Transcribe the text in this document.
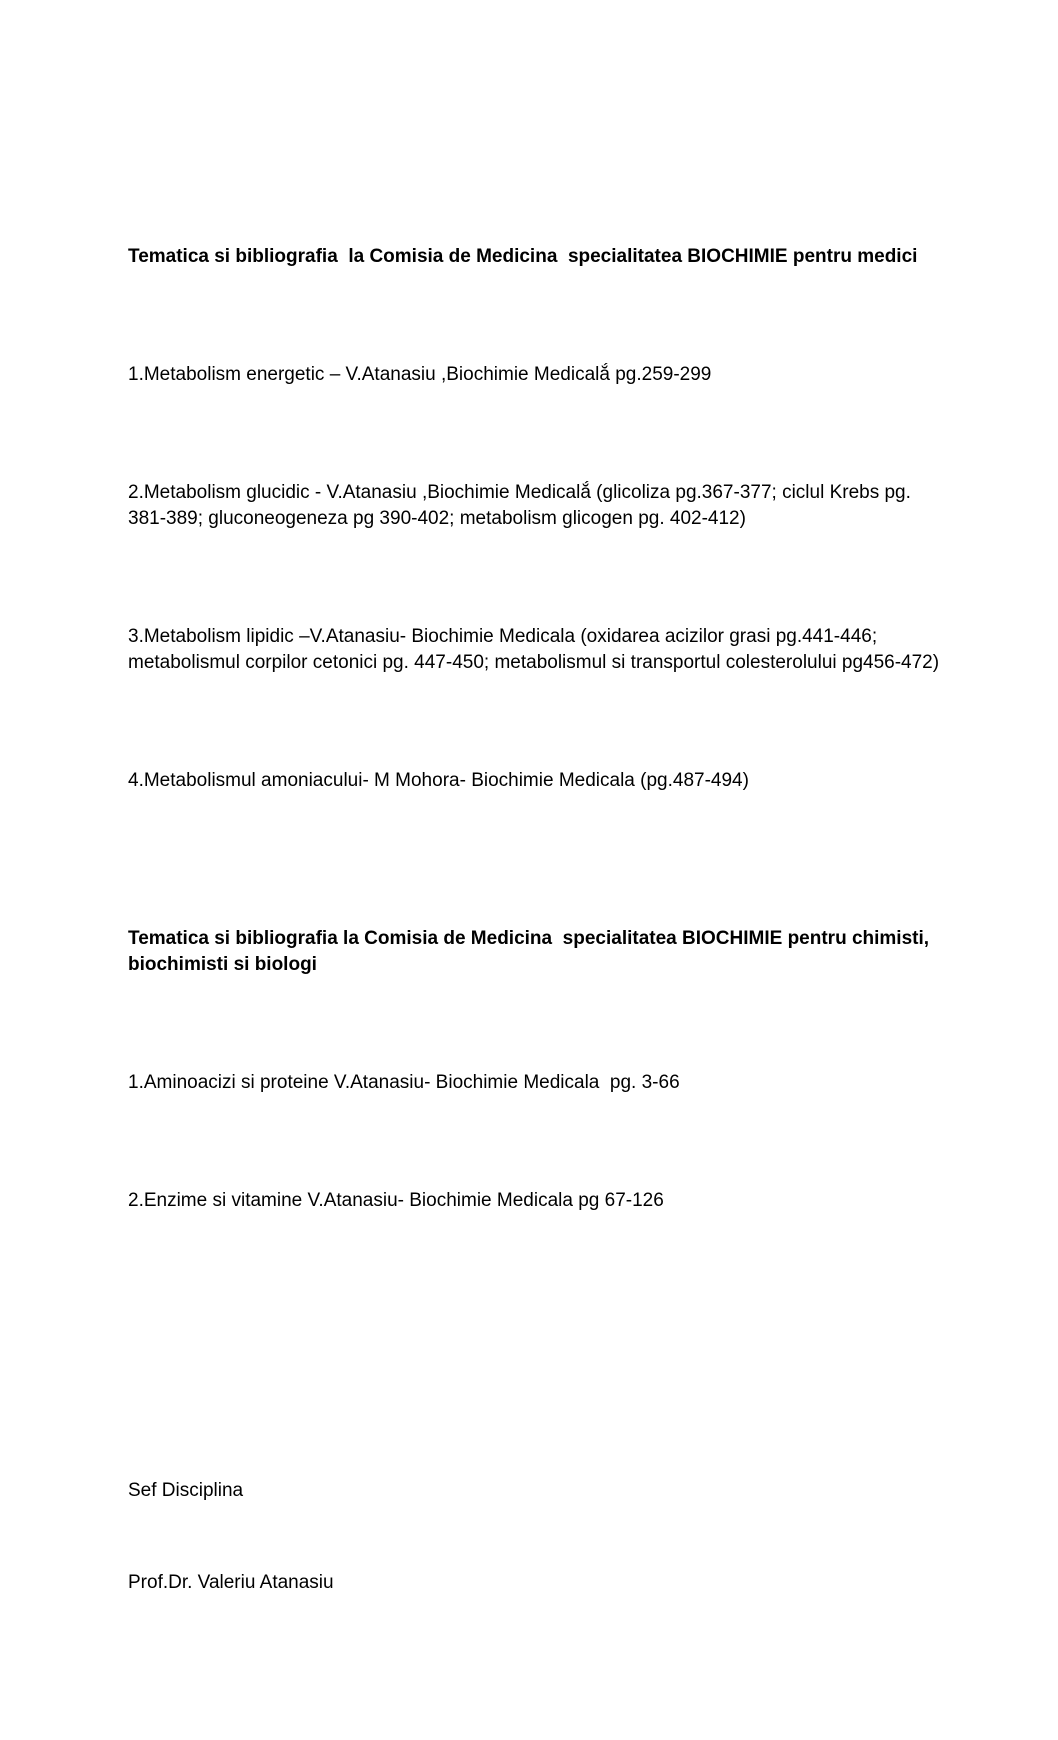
Tematica si bibliografia  la Comisia de Medicina  specialitatea BIOCHIMIE pentru medici

1.Metabolism energetic – V.Atanasiu ,Biochimie Medicalắ pg.259-299

2.Metabolism glucidic - V.Atanasiu ,Biochimie Medicalắ (glicoliza pg.367-377; ciclul Krebs pg. 381-389; gluconeogeneza pg 390-402; metabolism glicogen pg. 402-412)

3.Metabolism lipidic –V.Atanasiu- Biochimie Medicala (oxidarea acizilor grasi pg.441-446; metabolismul corpilor cetonici pg. 447-450; metabolismul si transportul colesterolului pg456-472)

4.Metabolismul amoniacului- M Mohora- Biochimie Medicala (pg.487-494)

Tematica si bibliografia la Comisia de Medicina  specialitatea BIOCHIMIE pentru chimisti, biochimisti si biologi

1.Aminoacizi si proteine V.Atanasiu- Biochimie Medicala  pg. 3-66

2.Enzime si vitamine V.Atanasiu- Biochimie Medicala pg 67-126

Sef Disciplina

Prof.Dr. Valeriu Atanasiu
